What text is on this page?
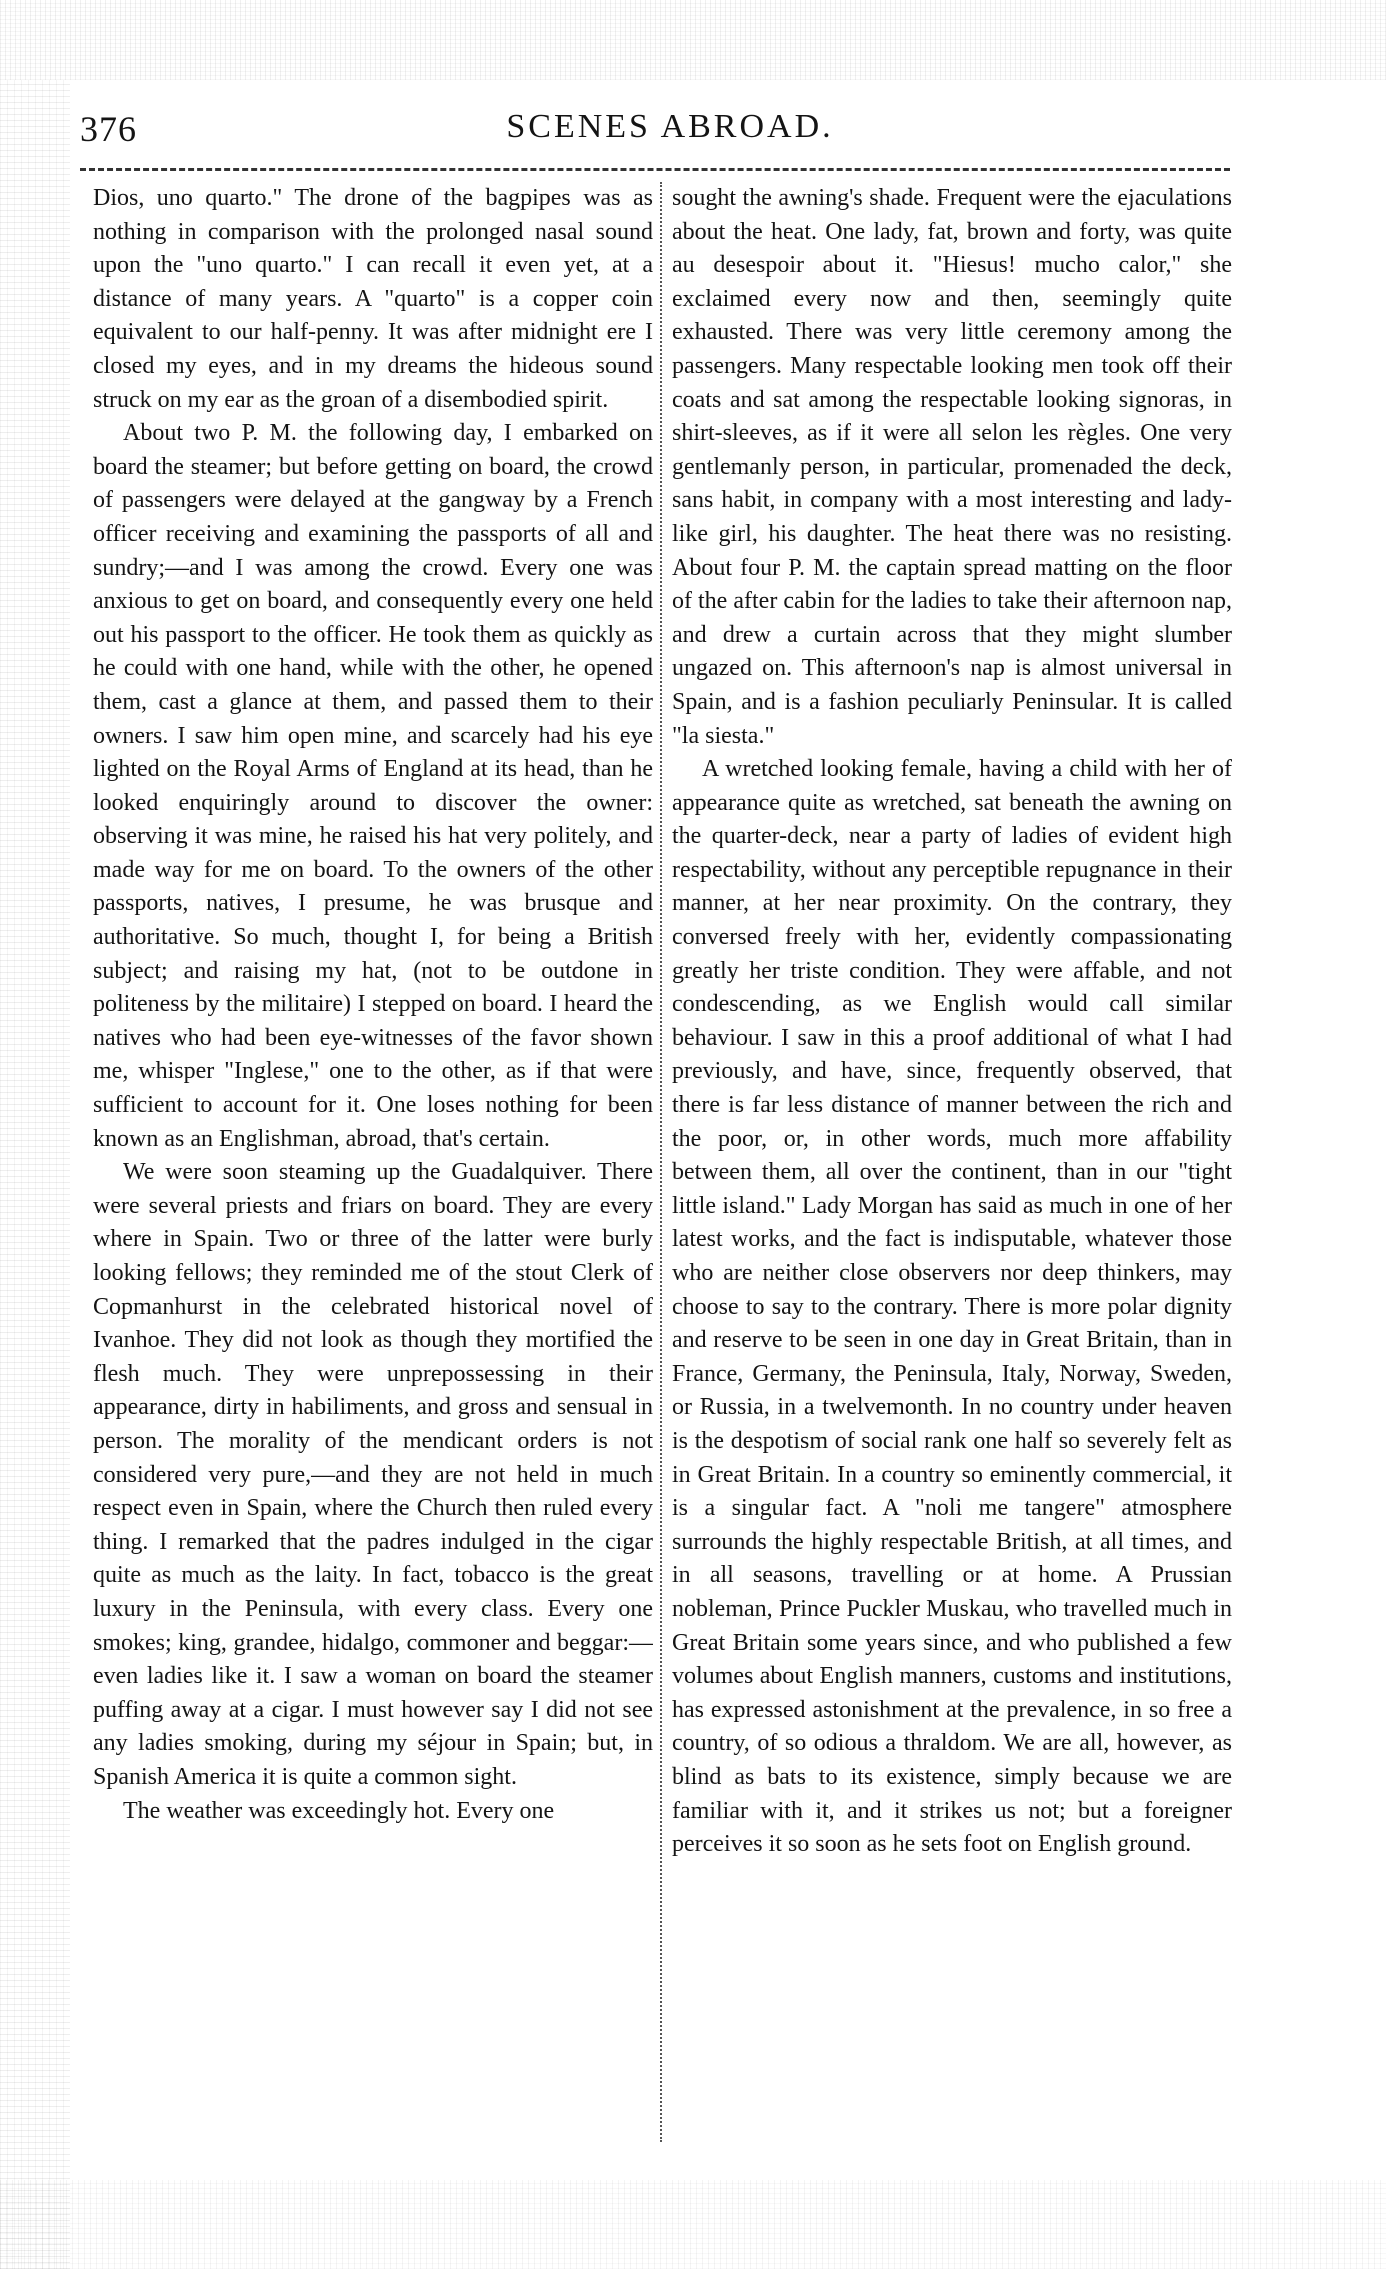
376	SCENES ABROAD.

Dios, uno quarto." The drone of the bagpipes was as nothing in comparison with the prolonged nasal sound upon the "uno quarto." I can recall it even yet, at a distance of many years. A "quarto" is a copper coin equivalent to our half-penny. It was after midnight ere I closed my eyes, and in my dreams the hideous sound struck on my ear as the groan of a disembodied spirit.

About two P. M. the following day, I embarked on board the steamer; but before getting on board, the crowd of passengers were delayed at the gangway by a French officer receiving and examining the passports of all and sundry;—and I was among the crowd. Every one was anxious to get on board, and consequently every one held out his passport to the officer. He took them as quickly as he could with one hand, while with the other, he opened them, cast a glance at them, and passed them to their owners. I saw him open mine, and scarcely had his eye lighted on the Royal Arms of England at its head, than he looked enquiringly around to discover the owner: observing it was mine, he raised his hat very politely, and made way for me on board. To the owners of the other passports, natives, I presume, he was brusque and authoritative. So much, thought I, for being a British subject; and raising my hat, (not to be outdone in politeness by the militaire) I stepped on board. I heard the natives who had been eye-witnesses of the favor shown me, whisper "Inglese," one to the other, as if that were sufficient to account for it. One loses nothing for been known as an Englishman, abroad, that's certain.

We were soon steaming up the Guadalquiver. There were several priests and friars on board. They are every where in Spain. Two or three of the latter were burly looking fellows; they reminded me of the stout Clerk of Copmanhurst in the celebrated historical novel of Ivanhoe. They did not look as though they mortified the flesh much. They were unprepossessing in their appearance, dirty in habiliments, and gross and sensual in person. The morality of the mendicant orders is not considered very pure,—and they are not held in much respect even in Spain, where the Church then ruled every thing. I remarked that the padres indulged in the cigar quite as much as the laity. In fact, tobacco is the great luxury in the Peninsula, with every class. Every one smokes; king, grandee, hidalgo, commoner and beggar:—even ladies like it. I saw a woman on board the steamer puffing away at a cigar. I must however say I did not see any ladies smoking, during my séjour in Spain; but, in Spanish America it is quite a common sight.

The weather was exceedingly hot. Every one

sought the awning's shade. Frequent were the ejaculations about the heat. One lady, fat, brown and forty, was quite au desespoir about it. "Hiesus! mucho calor," she exclaimed every now and then, seemingly quite exhausted. There was very little ceremony among the passengers. Many respectable looking men took off their coats and sat among the respectable looking signoras, in shirt-sleeves, as if it were all selon les règles. One very gentlemanly person, in particular, promenaded the deck, sans habit, in company with a most interesting and lady-like girl, his daughter. The heat there was no resisting. About four P. M. the captain spread matting on the floor of the after cabin for the ladies to take their afternoon nap, and drew a curtain across that they might slumber ungazed on. This afternoon's nap is almost universal in Spain, and is a fashion peculiarly Peninsular. It is called "la siesta."

A wretched looking female, having a child with her of appearance quite as wretched, sat beneath the awning on the quarter-deck, near a party of ladies of evident high respectability, without any perceptible repugnance in their manner, at her near proximity. On the contrary, they conversed freely with her, evidently compassionating greatly her triste condition. They were affable, and not condescending, as we English would call similar behaviour. I saw in this a proof additional of what I had previously, and have, since, frequently observed, that there is far less distance of manner between the rich and the poor, or, in other words, much more affability between them, all over the continent, than in our "tight little island." Lady Morgan has said as much in one of her latest works, and the fact is indisputable, whatever those who are neither close observers nor deep thinkers, may choose to say to the contrary. There is more polar dignity and reserve to be seen in one day in Great Britain, than in France, Germany, the Peninsula, Italy, Norway, Sweden, or Russia, in a twelvemonth. In no country under heaven is the despotism of social rank one half so severely felt as in Great Britain. In a country so eminently commercial, it is a singular fact. A "noli me tangere" atmosphere surrounds the highly respectable British, at all times, and in all seasons, travelling or at home. A Prussian nobleman, Prince Puckler Muskau, who travelled much in Great Britain some years since, and who published a few volumes about English manners, customs and institutions, has expressed astonishment at the prevalence, in so free a country, of so odious a thraldom. We are all, however, as blind as bats to its existence, simply because we are familiar with it, and it strikes us not; but a foreigner perceives it so soon as he sets foot on English ground.
